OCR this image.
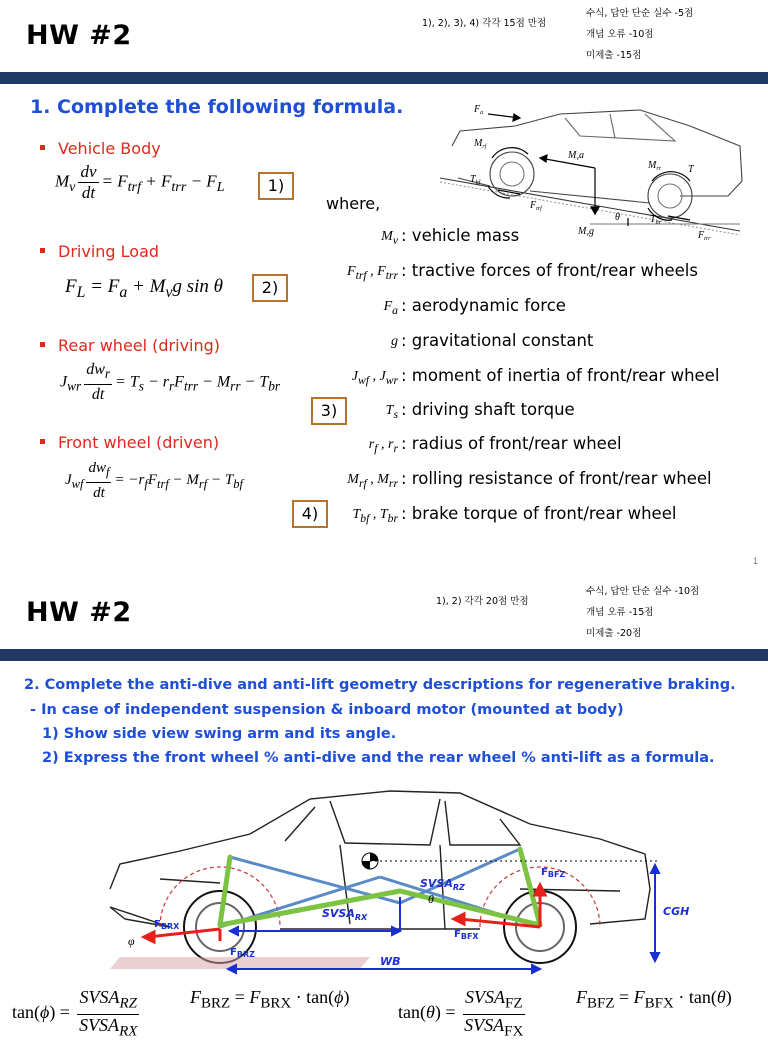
HW #2	1), 2), 3), 4) 각각 15점 만점
수식, 답안 단순 실수 -5점
개념 오류 -10점
미제출 -15점
1. Complete the following formula.
Vehicle Body
Driving Load
Rear wheel (driving)
Front wheel (driven)
$M_v \frac{dv}{dt} = F_{trf} + F_{trr} - F_L$
$F_L = F_a + M_vg$ sin θ
$J_{wr} \frac{dw_r}{dt} = T_s - r_rF_{trr} - M_{rr} - T_{br}$
$J_{wf} \frac{dw_f}{dt} = -r_fF_{trf} - M_{rf} - T_{bf}$
1)
2)
3)
4)
where,
$M_v$ : vehicle mass
$F_{trf}$ , $F_{trr}$ : tractive forces of front/rear wheels
$F_a$ : aerodynamic force
g : gravitational constant
$J_{wf}$ , $J_{wr}$ : moment of inertia of front/rear wheel
$T_s$ : driving shaft torque
$r_f$ , $r_r$ : radius of front/rear wheel
$M_{rf}$ , $M_{rr}$ : rolling resistance of front/rear wheel
$T_{bf}$ , $T_{br}$ : brake torque of front/rear wheel
$F_a$
$M_{rf}$
$M_va$
$M_{rr}$	T
$T_{bf}$
$F_{trf}$
θ	$T_{br}$
$M_vg$	$F_{trr}$
1
HW #2	1), 2) 각각 20점 만점
수식, 답안 단순 실수 -10점
개념 오류 -15점
미제출 -20점
2. Complete the anti-dive and anti-lift geometry descriptions for regenerative braking.
- In case of independent suspension & inboard motor (mounted at body)
1) Show side view swing arm and its angle.
2) Express the front wheel % anti-dive and the rear wheel % anti-lift as a formula.
$SVSA_{RZ}$
$SVSA_{RX}$	CGH
WB
$F_{BRX}$
$F_{BRZ}$
$F_{BFX}$
$F_{BFZ}$
φ
θ
$\tan(\phi) = \frac{SVSA_{RZ}}{SVSA_{RX}}$	$F_{BRZ} = F_{BRX} \cdot \tan(\phi)$
$\tan(\theta) = \frac{SVSA_{FZ}}{SVSA_{FX}}$	$F_{BFZ} = F_{BFX} \cdot \tan(\theta)$
